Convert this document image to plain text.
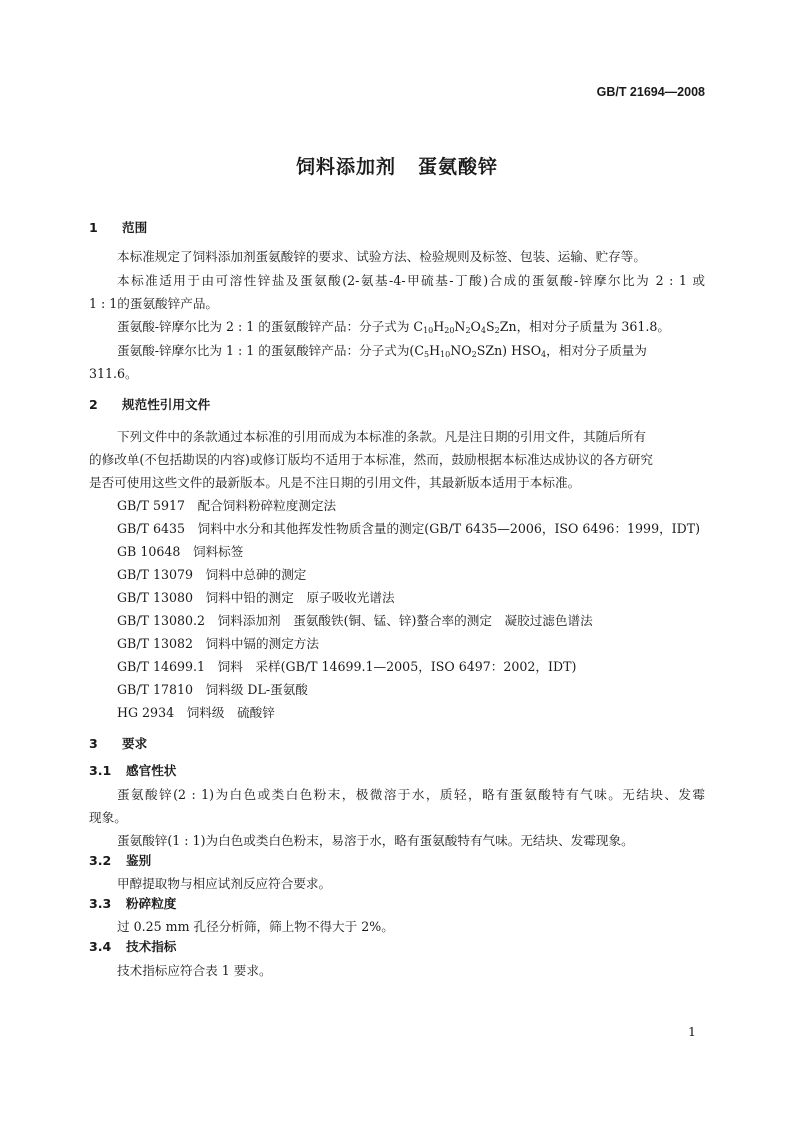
GB/T 21694—2008
饲料添加剂 蛋氨酸锌
1 范围
本标准规定了饲料添加剂蛋氨酸锌的要求、试验方法、检验规则及标签、包装、运输、贮存等。
本标准适用于由可溶性锌盐及蛋氨酸(2-氨基-4-甲硫基-丁酸)合成的蛋氨酸-锌摩尔比为 2 : 1 或
1 : 1的蛋氨酸锌产品。
蛋氨酸-锌摩尔比为 2 : 1 的蛋氨酸锌产品：分子式为 $C_{10}H_{20}N_2O_4S_2Zn$，相对分子质量为 361.8。
蛋氨酸-锌摩尔比为 1 : 1 的蛋氨酸锌产品：分子式为$(C_5H_{10}NO_2SZn)$ $HSO_4$，相对分子质量为
311.6。
2 规范性引用文件
下列文件中的条款通过本标准的引用而成为本标准的条款。凡是注日期的引用文件，其随后所有
的修改单(不包括勘误的内容)或修订版均不适用于本标准，然而，鼓励根据本标准达成协议的各方研究
是否可使用这些文件的最新版本。凡是不注日期的引用文件，其最新版本适用于本标准。
GB/T 5917　 配合饲料粉碎粒度测定法
GB/T 6435　 饲料中水分和其他挥发性物质含量的测定(GB/T 6435—2006，ISO 6496：1999，IDT)
GB 10648　 饲料标签
GB/T 13079　 饲料中总砷的测定
GB/T 13080　 饲料中铅的测定　原子吸收光谱法
GB/T 13080.2　 饲料添加剂　蛋氨酸铁(铜、锰、锌)螯合率的测定　凝胶过滤色谱法
GB/T 13082　 饲料中镉的测定方法
GB/T 14699.1　 饲料　采样(GB/T 14699.1—2005，ISO 6497：2002，IDT)
GB/T 17810　 饲料级 DL-蛋氨酸
HG 2934　 饲料级　硫酸锌
3 要求
3.1 感官性状
蛋氨酸锌(2 : 1)为白色或类白色粉末，极微溶于水，质轻，略有蛋氨酸特有气味。无结块、发霉
现象。
蛋氨酸锌(1 : 1)为白色或类白色粉末，易溶于水，略有蛋氨酸特有气味。无结块、发霉现象。
3.2 鉴别
甲醇提取物与相应试剂反应符合要求。
3.3 粉碎粒度
过 0.25 mm 孔径分析筛，筛上物不得大于 2%。
3.4 技术指标
技术指标应符合表 1 要求。
1
